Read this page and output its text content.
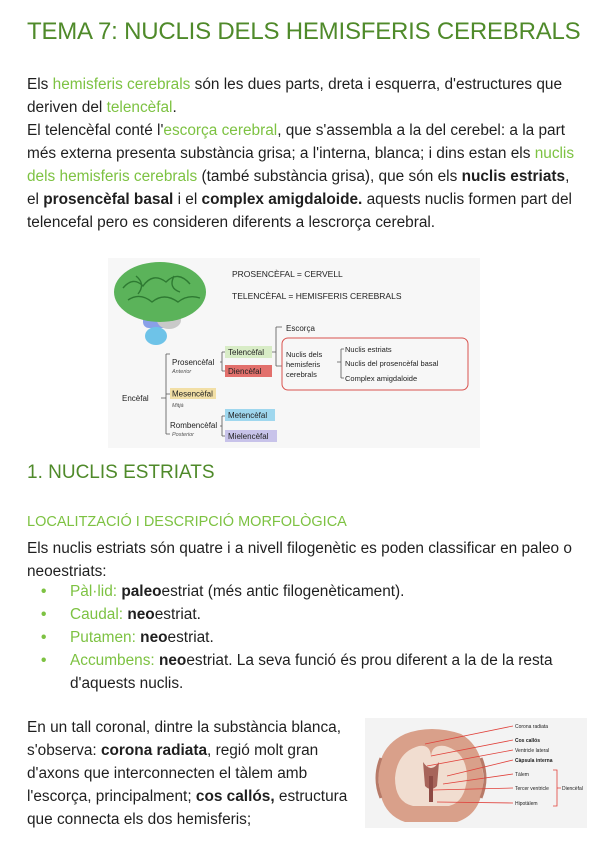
TEMA 7: NUCLIS DELS HEMISFERIS CEREBRALS

Els hemisferis cerebrals són les dues parts, dreta i esquerra, d'estructures que deriven del telencèfal.
El telencèfal conté l'escorça cerebral, que s'assembla a la del cerebel: a la part més externa presenta substància grisa; a l'interna, blanca; i dins estan els nuclis dels hemisferis cerebrals (també substància grisa), que són els nuclis estriats, el prosencèfal basal i el complex amigdaloide. aquests nuclis formen part del telencefal pero es consideren diferents a lescrorça cerebral.

PROSENCÈFAL = CERVELL
TELENCÈFAL = HEMISFERIS CEREBRALS
Encèfal
Prosencèfal
Anterior
Mesencèfal
Mitjà
Rombencèfal
Posterior
Telencèfal
Diencèfal
Metencèfal
Mielencèfal
Escorça
Nuclis dels
hemisferis
cerebrals
Nuclis estriats
Nuclis del prosencèfal basal
Complex amigdaloide
1. NUCLIS ESTRIATS
LOCALITZACIÓ I DESCRIPCIÓ MORFOLÒGICA

Els nuclis estriats són quatre i a nivell filogenètic es poden classificar en paleo o neoestriats:

• Pàl·lid: paleoestriat (més antic filogenèticament).
• Caudal: neoestriat.
• Putamen: neoestriat.
• Accumbens: neoestriat. La seva funció és prou diferent a la de la resta d'aquests nuclis.

En un tall coronal, dintre la substància blanca, s'observa: corona radiata, regió molt gran d'axons que interconnecten el tàlem amb l'escorça, principalment; cos callós, estructura que connecta els dos hemisferis;

Corona radiata
Cos callós
Ventricle lateral
Càpsula interna
Tàlem
Tercer ventricle
Hipotàlem
Diencèfal
